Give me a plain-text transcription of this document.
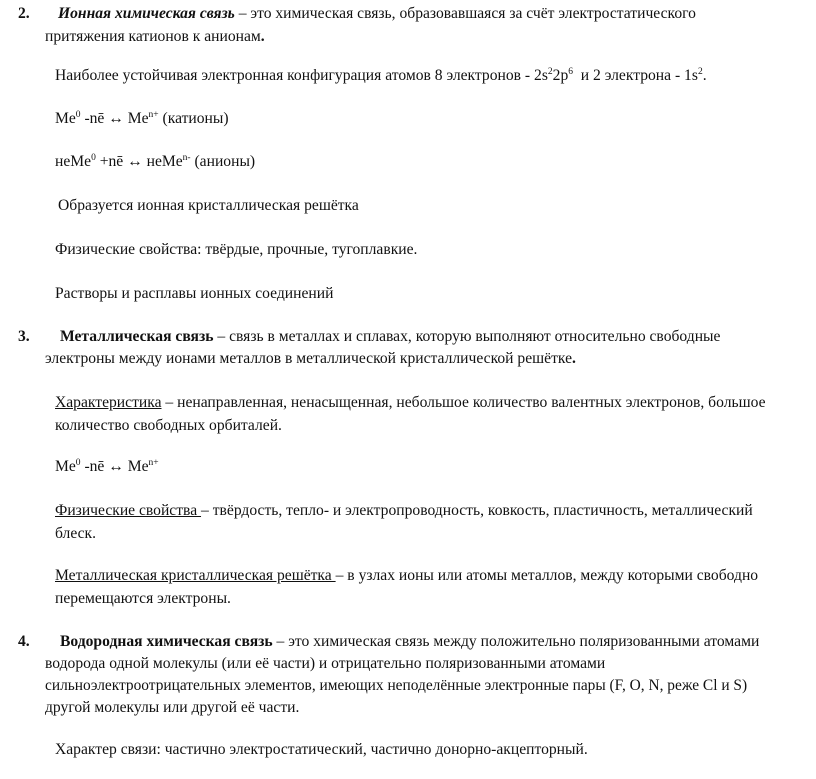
2. Ионная химическая связь – это химическая связь, образовавшаяся за счёт электростатического
притяжения катионов к анионам.
Наиболее устойчивая электронная конфигурация атомов 8 электронов - $2s^22p^6$  и 2 электрона - $1s^2$.
Me$^0$ -nē ↔ $Me^{n+}$ (катионы)
неMe$^0$ +nē ↔ неMe$^{n-}$ (анионы)
Образуется ионная кристаллическая решётка
Физические свойства: твёрдые, прочные, тугоплавкие.
Растворы и расплавы ионных соединений
3. Металлическая связь – связь в металлах и сплавах, которую выполняют относительно свободные
электроны между ионами металлов в металлической кристаллической решётке.
Характеристика – ненаправленная, ненасыщенная, небольшое количество валентных электронов, большое
количество свободных орбиталей.
Me$^0$ -nē ↔ $Me^{n+}$
Физические свойства – твёрдость, тепло- и электропроводность, ковкость, пластичность, металлический
блеск.
Металлическая кристаллическая решётка – в узлах ионы или атомы металлов, между которыми свободно
перемещаются электроны.
4. Водородная химическая связь – это химическая связь между положительно поляризованными атомами
водорода одной молекулы (или её части) и отрицательно поляризованными атомами
сильноэлектроотрицательных элементов, имеющих неподелённые электронные пары (F, O, N, реже Cl и S)
другой молекулы или другой её части.
Характер связи: частично электростатический, частично донорно-акцепторный.
